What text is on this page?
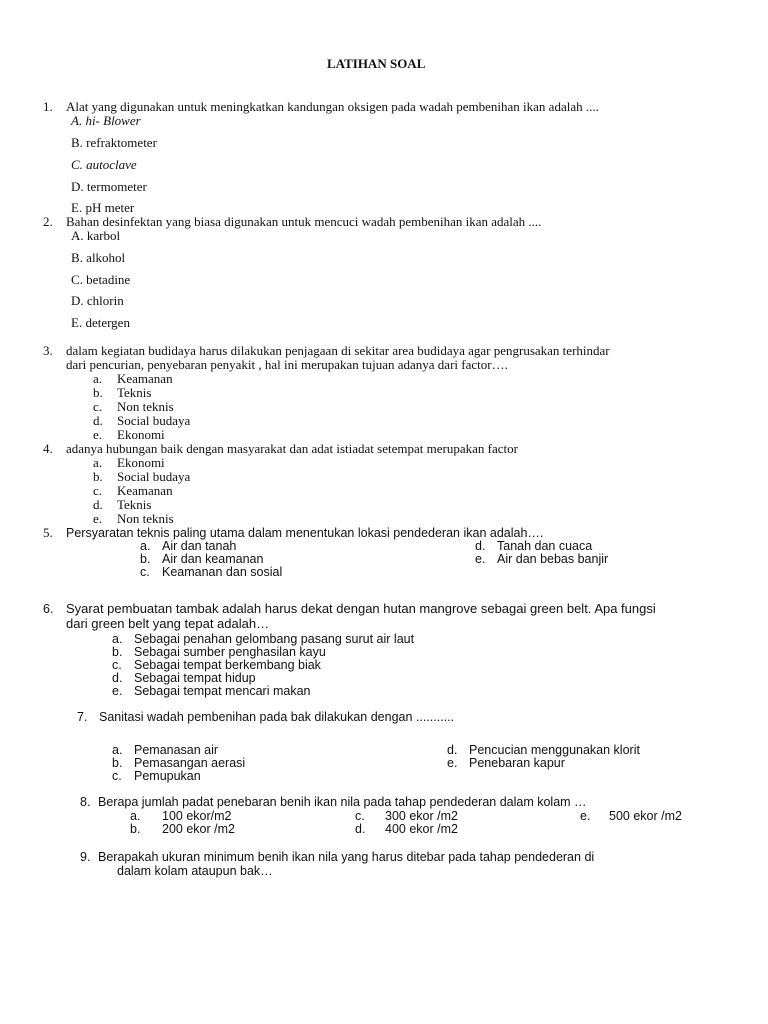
LATIHAN SOAL
1. Alat yang digunakan untuk meningkatkan kandungan oksigen pada wadah pembenihan ikan adalah ....
A. hi- Blower
B. refraktometer
C. autoclave
D. termometer
E. pH meter
2. Bahan desinfektan yang biasa digunakan untuk mencuci wadah pembenihan ikan adalah ....
A. karbol
B. alkohol
C. betadine
D. chlorin
E. detergen
3. dalam kegiatan budidaya harus dilakukan penjagaan di sekitar area budidaya agar pengrusakan terhindar
dari pencurian, penyebaran penyakit , hal ini merupakan tujuan adanya dari factor….
a. Keamanan
b. Teknis
c. Non teknis
d. Social budaya
e. Ekonomi
4. adanya hubungan baik dengan masyarakat dan adat istiadat setempat merupakan factor
a. Ekonomi
b. Social budaya
c. Keamanan
d. Teknis
e. Non teknis
5. Persyaratan teknis paling utama dalam menentukan lokasi pendederan ikan adalah….
a. Air dan tanah
b. Air dan keamanan
c. Keamanan dan sosial
d. Tanah dan cuaca
e. Air dan bebas banjir
6. Syarat pembuatan tambak adalah harus dekat dengan hutan mangrove sebagai green belt. Apa fungsi
dari green belt yang tepat adalah…
a. Sebagai penahan gelombang pasang surut air laut
b. Sebagai sumber penghasilan kayu
c. Sebagai tempat berkembang biak
d. Sebagai tempat hidup
e. Sebagai tempat mencari makan
7. Sanitasi wadah pembenihan pada bak dilakukan dengan ...........
a. Pemanasan air
b. Pemasangan aerasi
c. Pemupukan
d. Pencucian menggunakan klorit
e. Penebaran kapur
8. Berapa jumlah padat penebaran benih ikan nila pada tahap pendederan dalam kolam …
a. 100 ekor/m2
b. 200 ekor /m2
c. 300 ekor /m2
d. 400 ekor /m2
e. 500 ekor /m2
9. Berapakah ukuran minimum benih ikan nila yang harus ditebar pada tahap pendederan di
dalam kolam ataupun bak…
